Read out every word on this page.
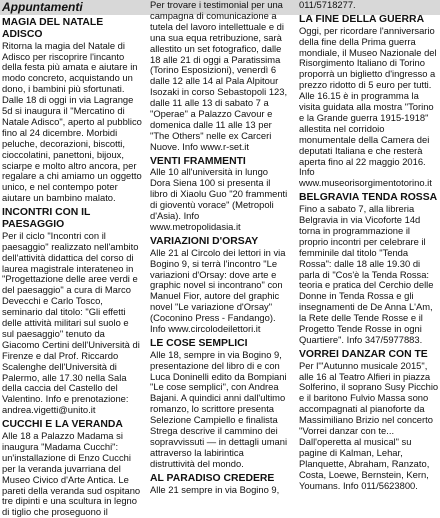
Appuntamenti

MAGIA DEL NATALE ADISCO

Ritorna la magia del Natale di Adisco per riscoprire l'incanto della festa più amata e aiutare in modo concreto, acquistando un dono, i bambini più sfortunati. Dalle 18 di oggi in via Lagrange 5d si inaugura il "Mercatino di Natale Adisco", aperto al pubblico fino al 24 dicembre. Morbidi peluche, decorazioni, biscotti, cioccolatini, panettoni, bijoux, sciarpe e molto altro ancora, per regalare a chi amiamo un oggetto unico, e nel contempo poter aiutare un bambino malato.

INCONTRI CON IL PAESAGGIO

Per il ciclo "Incontri con il paesaggio" realizzato nell'ambito dell'attività didattica del corso di laurea magistrale interateneo in "Progettazione delle aree verdi e del paesaggio" a cura di Marco Devecchi e Carlo Tosco, seminario dal titolo: "Gli effetti delle attività militari sul suolo e sul paesaggio" tenuto da Giacomo Certini dell'Università di Firenze e dal Prof. Riccardo Scalenghe dell'Università di Palermo, alle 17.30 nella Sala della caccia del Castello del Valentino. Info e prenotazione: andrea.vigetti@unito.it

CUCCHI E LA VERANDA

Alle 18 a Palazzo Madama si inaugura "Madama Cucchi": un'installazione di Enzo Cucchi per la veranda juvarriana del Museo Civico d'Arte Antica. Le pareti della veranda sud ospitano tre dipinti e una scultura in legno di tiglio che proseguono il

Per trovare i testimonial per una campagna di comunicazione a tutela del lavoro intellettuale e di una sua equa retribuzione, sarà allestito un set fotografico, dalle 18 alle 21 di oggi a Paratissima (Torino Esposizioni), venerdì 6 dalle 12 alle 14 al Pala Alpitour Isozaki in corso Sebastopoli 123, dalle 11 alle 13 di sabato 7 a "Operae" a Palazzo Cavour e domenica dalle 11 alle 13 per "The Others" nelle ex Carceri Nuove. Info www.r-set.it

VENTI FRAMMENTI

Alle 10 all'università in lungo Dora Siena 100 si presenta il libro di Xiaolu Guo "20 frammenti di gioventù vorace" (Metropoli d'Asia). Info www.metropolidasia.it

VARIAZIONI D'ORSAY

Alle 21 al Circolo dei lettori in via Bogino 9, si terrà l'incontro "Le variazioni d'Orsay: dove arte e graphic novel si incontrano" con Manuel Fior, autore del graphic novel "Le variazione d'Orsay" (Coconino Press - Fandango). Info www.circolodeilettori.it

LE COSE SEMPLICI

Alle 18, sempre in via Bogino 9, presentazione del libro di e con Luca Doninelli edito da Bompiani "Le cose semplici", con Andrea Bajani. A quindici anni dall'ultimo romanzo, lo scrittore presenta Selezione Campiello e finalista Strega descrive il cammino dei sopravvissuti — in dettagli umani attraverso la labirintica distruttività del mondo.

AL PARADISO CREDERE

Alle 21 sempre in via Bogino 9,

011/5718277.

LA FINE DELLA GUERRA

Oggi, per ricordare l'anniversario della fine della Prima guerra mondiale, il Museo Nazionale del Risorgimento Italiano di Torino proporrà un biglietto d'ingresso a prezzo ridotto di 5 euro per tutti. Alle 16.15 è in programma la visita guidata alla mostra "Torino e la Grande guerra 1915-1918" allestita nel corridoio monumentale della Camera dei deputati Italiana e che resterà aperta fino al 22 maggio 2016. Info www.museorisorgimentotorino.it

BELGRAVIA TENDA ROSSA

Fino a sabato 7, alla libreria Belgravia in via Vicoforte 14d torna in programmazione il proprio incontri per celebrare il femminile dal titolo "Tenda Rossa": dalle 18 alle 19.30 di parla di "Cos'è la Tenda Rossa: teoria e pratica del Cerchio delle Donne in Tenda Rossa e gli insegnamenti de De Anna L'Am, la Rete delle Tende Rosse e il Progetto Tende Rosse in ogni Quartiere". Info 347/5977883.

VORREI DANZAR CON TE

Per l'"Autunno musicale 2015", alle 16 al Teatro Alfieri in piazza Solferino, il soprano Susy Picchio e il baritono Fulvio Massa sono accompagnati al pianoforte da Massimiliano Brizio nel concerto "Vorrei danzar con te... Dall'operetta al musical" su pagine di Kalman, Lehar, Planquette, Abraham, Ranzato, Costa, Loewe, Bernstein, Kern, Youmans. Info 011/5623800.
